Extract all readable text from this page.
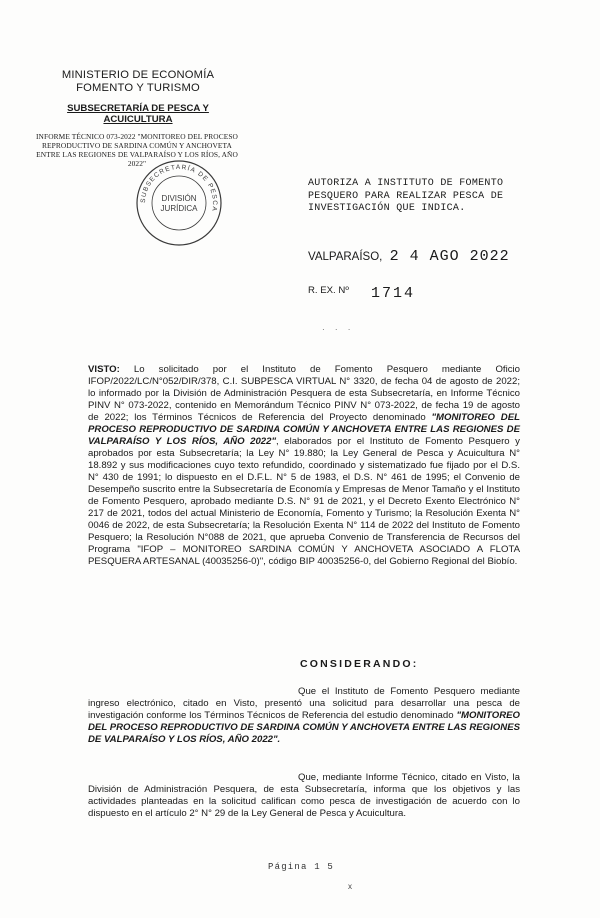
MINISTERIO DE ECONOMÍA FOMENTO Y TURISMO
SUBSECRETARÍA DE PESCA Y ACUICULTURA
INFORME TÉCNICO 073-2022 "MONITOREO DEL PROCESO REPRODUCTIVO DE SARDINA COMÚN Y ANCHOVETA ENTRE LAS REGIONES DE VALPARAÍSO Y LOS RÍOS, AÑO 2022"
SUBSECRETARÍA DE PESCA
DIVISIÓN
JURÍDICA
AUTORIZA A INSTITUTO DE FOMENTO PESQUERO PARA REALIZAR PESCA DE INVESTIGACIÓN QUE INDICA.
VALPARAÍSO, 2 4 AGO 2022
R. EX. Nº 1714
· · ·
VISTO: Lo solicitado por el Instituto de Fomento Pesquero mediante Oficio IFOP/2022/LC/N°052/DIR/378, C.I. SUBPESCA VIRTUAL N° 3320, de fecha 04 de agosto de 2022; lo informado por la División de Administración Pesquera de esta Subsecretaría, en Informe Técnico PINV N° 073-2022, contenido en Memorándum Técnico PINV N° 073-2022, de fecha 19 de agosto de 2022; los Términos Técnicos de Referencia del Proyecto denominado "MONITOREO DEL PROCESO REPRODUCTIVO DE SARDINA COMÚN Y ANCHOVETA ENTRE LAS REGIONES DE VALPARAÍSO Y LOS RÍOS, AÑO 2022", elaborados por el Instituto de Fomento Pesquero y aprobados por esta Subsecretaría; la Ley N° 19.880; la Ley General de Pesca y Acuicultura N° 18.892 y sus modificaciones cuyo texto refundido, coordinado y sistematizado fue fijado por el D.S. N° 430 de 1991; lo dispuesto en el D.F.L. N° 5 de 1983, el D.S. N° 461 de 1995; el Convenio de Desempeño suscrito entre la Subsecretaría de Economía y Empresas de Menor Tamaño y el Instituto de Fomento Pesquero, aprobado mediante D.S. N° 91 de 2021, y el Decreto Exento Electrónico N° 217 de 2021, todos del actual Ministerio de Economía, Fomento y Turismo; la Resolución Exenta N° 0046 de 2022, de esta Subsecretaría; la Resolución Exenta N° 114 de 2022 del Instituto de Fomento Pesquero; la Resolución N°088 de 2021, que aprueba Convenio de Transferencia de Recursos del Programa "IFOP – MONITOREO SARDINA COMÚN Y ANCHOVETA ASOCIADO A FLOTA PESQUERA ARTESANAL (40035256-0)", código BIP 40035256-0, del Gobierno Regional del Biobío.
CONSIDERANDO:
Que el Instituto de Fomento Pesquero mediante ingreso electrónico, citado en Visto, presentó una solicitud para desarrollar una pesca de investigación conforme los Términos Técnicos de Referencia del estudio denominado "MONITOREO DEL PROCESO REPRODUCTIVO DE SARDINA COMÚN Y ANCHOVETA ENTRE LAS REGIONES DE VALPARAÍSO Y LOS RÍOS, AÑO 2022".
Que, mediante Informe Técnico, citado en Visto, la División de Administración Pesquera, de esta Subsecretaría, informa que los objetivos y las actividades planteadas en la solicitud califican como pesca de investigación de acuerdo con lo dispuesto en el artículo 2° N° 29 de la Ley General de Pesca y Acuicultura.
Página 1 5
x
